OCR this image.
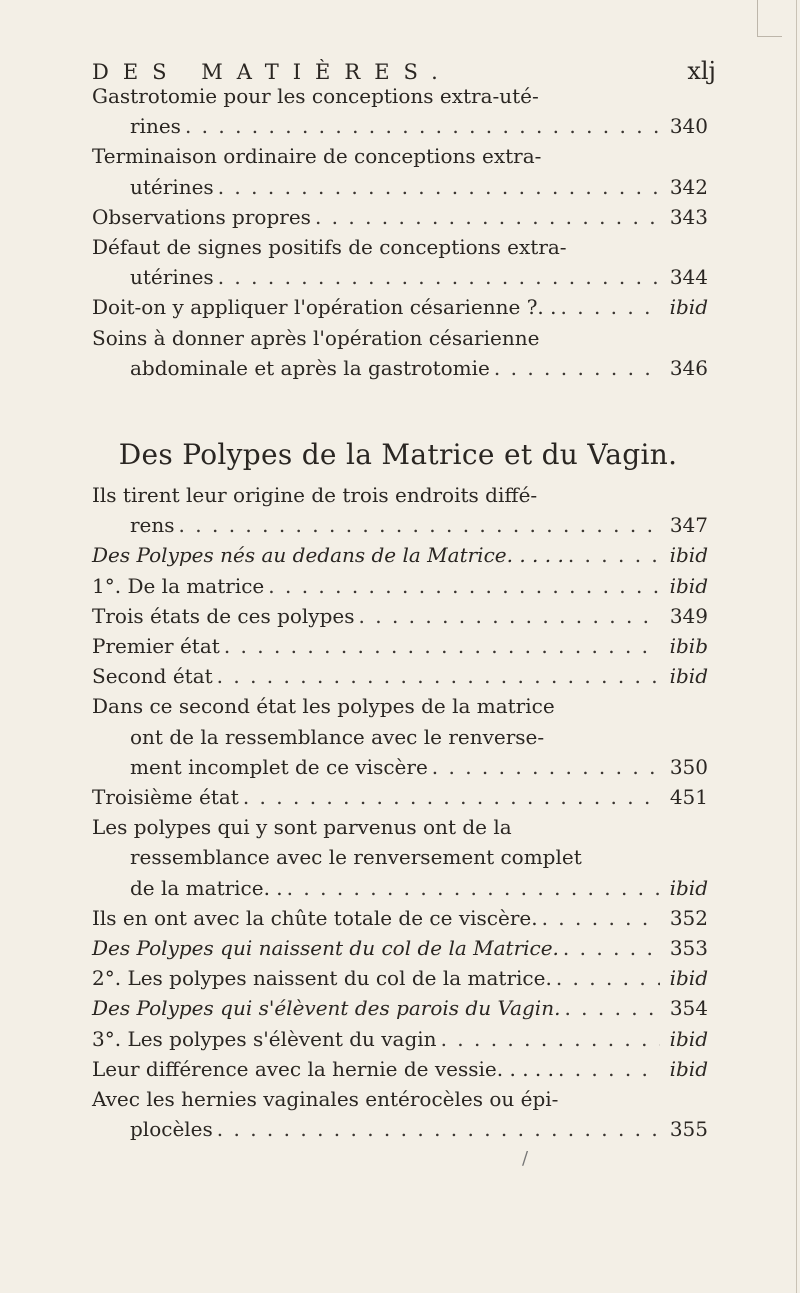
DES MATIÈRES.	xlj
Gastrotomie pour les conceptions extra-uté-
rines . . .	340
Terminaison ordinaire de conceptions extra-
utérines . . .	342
Observations propres . . .	343
Défaut de signes positifs de conceptions extra-
utérines . . .	344
Doit-on y appliquer l'opération césarienne ?. . . . .	ibid
Soins à donner après l'opération césarienne
abdominale et après la gastrotomie . . .	346
Des Polypes de la Matrice et du Vagin.
Ils tirent leur origine de trois endroits diffé-
rens . . .	347
Des Polypes nés au dedans de la Matrice. . . . . . . .	ibid
1°. De la matrice . . .	ibid
Trois états de ces polypes . . .	349
Premier état . . .	ibib
Second état . . .	ibid
Dans ce second état les polypes de la matrice
ont de la ressemblance avec le renverse-
ment incomplet de ce viscère . . .	350
Troisième état . . .	451
Les polypes qui y sont parvenus ont de la
ressemblance avec le renversement complet
de la matrice. . . . .	ibid
Ils en ont avec la chûte totale de ce viscère. . . .	352
Des Polypes qui naissent du col de la Matrice. . . .	353
2°. Les polypes naissent du col de la matrice. . . .	ibid
Des Polypes qui s'élèvent des parois du Vagin. . . .	354
3°. Les polypes s'élèvent du vagin . . .	ibid
Leur différence avec la hernie de vessie. . . . . . . .	ibid
Avec les hernies vaginales entérocèles ou épi-
plocèles . . .	355
/
